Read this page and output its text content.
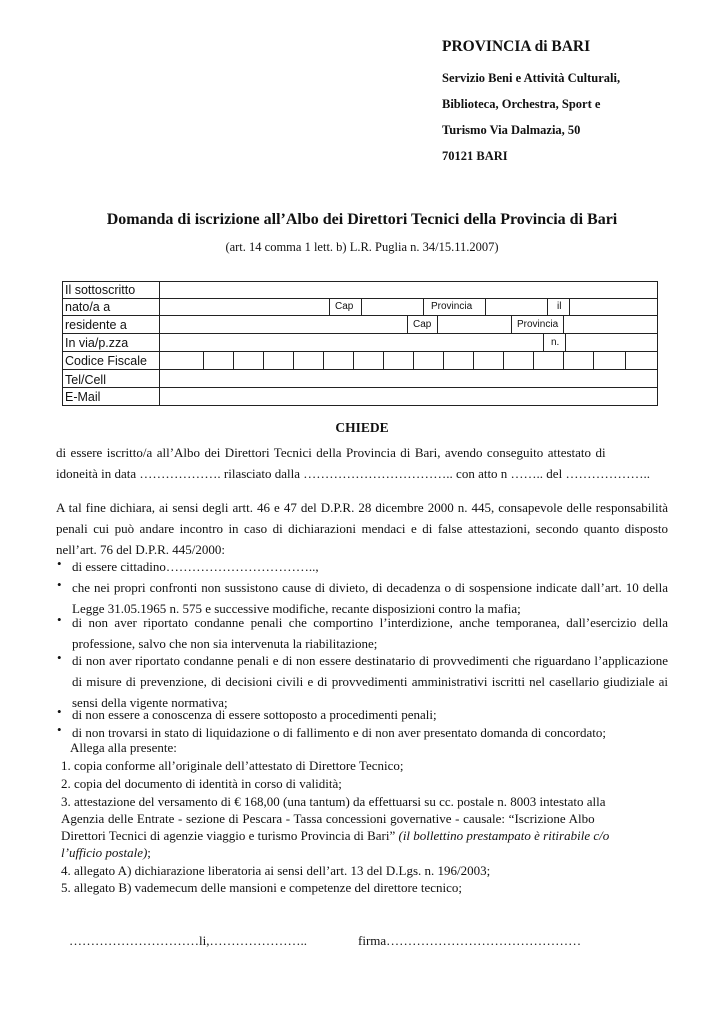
PROVINCIA di BARI
Servizio Beni e Attività Culturali,
Biblioteca, Orchestra, Sport e
Turismo Via Dalmazia, 50
70121 BARI
Domanda di iscrizione all’Albo dei Direttori Tecnici della Provincia di Bari
(art. 14 comma 1 lett. b) L.R. Puglia n. 34/15.11.2007)
Il sottoscritto
nato/a a	Cap	Provincia	il
residente a	Cap	Provincia
In via/p.zza	n.
Codice Fiscale
Tel/Cell
E-Mail
CHIEDE
di essere iscritto/a all’Albo dei Direttori Tecnici della Provincia di Bari, avendo conseguito attestato di
idoneità in data ………………. rilasciato dalla …………………………….. con atto n …….. del ………………..
A tal fine dichiara, ai sensi degli artt. 46 e 47 del D.P.R. 28 dicembre 2000 n. 445, consapevole delle responsabilità penali cui può andare incontro in caso di dichiarazioni mendaci e di false attestazioni, secondo quanto disposto nell’art. 76 del D.P.R. 445/2000:
• di essere cittadino……………………………..,
• che nei propri confronti non sussistono cause di divieto, di decadenza o di sospensione indicate dall’art. 10 della Legge 31.05.1965 n. 575 e successive modifiche, recante disposizioni contro la mafia;
• di non aver riportato condanne penali che comportino l’interdizione, anche temporanea, dall’esercizio della professione, salvo che non sia intervenuta la riabilitazione;
• di non aver riportato condanne penali e di non essere destinatario di provvedimenti che riguardano l’applicazione di misure di prevenzione, di decisioni civili e di provvedimenti amministrativi iscritti nel casellario giudiziale ai sensi della vigente normativa;
• di non essere a conoscenza di essere sottoposto a procedimenti penali;
• di non trovarsi in stato di liquidazione o di fallimento e di non aver presentato domanda di concordato;
Allega alla presente:
1. copia conforme all’originale dell’attestato di Direttore Tecnico;
2. copia del documento di identità in corso di validità;
3. attestazione del versamento di € 168,00 (una tantum) da effettuarsi su cc. postale n. 8003 intestato alla
Agenzia delle Entrate - sezione di Pescara - Tassa concessioni governative - causale: “Iscrizione Albo
Direttori Tecnici di agenzie viaggio e turismo Provincia di Bari” (il bollettino prestampato è ritirabile c/o
l’ufficio postale);
4. allegato A) dichiarazione liberatoria ai sensi dell’art. 13 del D.Lgs. n. 196/2003;
5. allegato B) vademecum delle mansioni e competenze del direttore tecnico;
…………………………li,…………………..	firma………………………………………
